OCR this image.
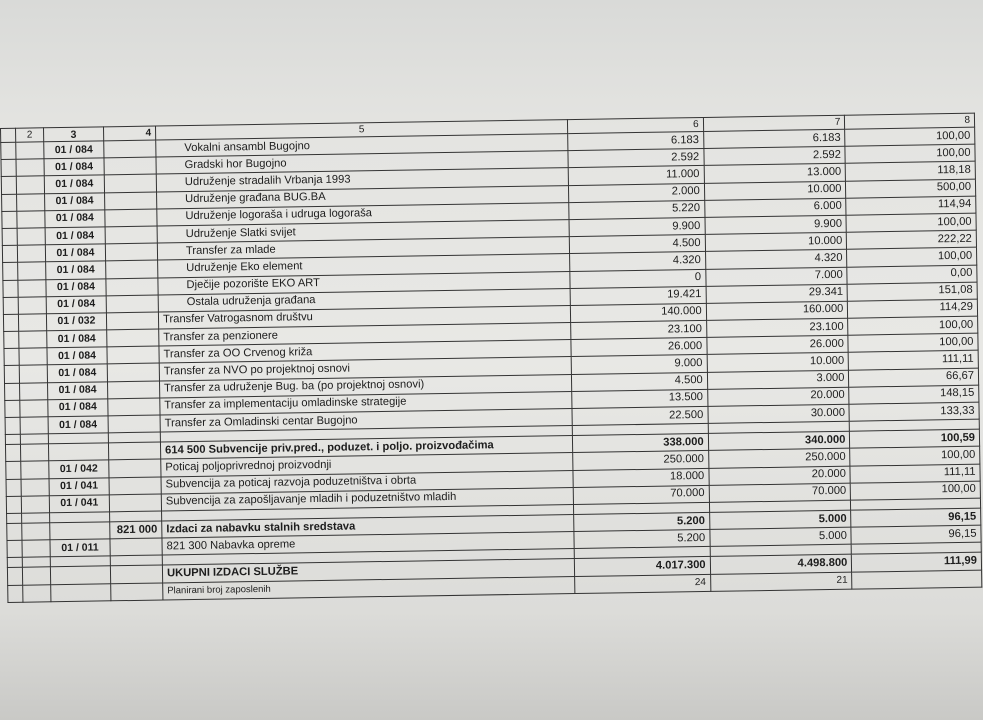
	2	3	4	5	6	7	8
		01 / 084		Vokalni ansambl Bugojno	6.183	6.183	100,00
		01 / 084		Gradski hor Bugojno	2.592	2.592	100,00
		01 / 084		Udruženje stradalih Vrbanja 1993	11.000	13.000	118,18
		01 / 084		Udruženje građana BUG.BA	2.000	10.000	500,00
		01 / 084		Udruženje logoraša i udruga logoraša	5.220	6.000	114,94
		01 / 084		Udruženje Slatki svijet	9.900	9.900	100,00
		01 / 084		Transfer za mlade	4.500	10.000	222,22
		01 / 084		Udruženje Eko element	4.320	4.320	100,00
		01 / 084		Dječije pozorište EKO ART	0	7.000	0,00
		01 / 084		Ostala udruženja građana	19.421	29.341	151,08
		01 / 032		Transfer Vatrogasnom društvu	140.000	160.000	114,29
		01 / 084		Transfer za penzionere	23.100	23.100	100,00
		01 / 084		Transfer za OO Crvenog križa	26.000	26.000	100,00
		01 / 084		Transfer za NVO po projektnoj osnovi	9.000	10.000	111,11
		01 / 084		Transfer za udruženje Bug. ba (po projektnoj osnovi)	4.500	3.000	66,67
		01 / 084		Transfer za implementaciju omladinske strategije	13.500	20.000	148,15
		01 / 084		Transfer za Omladinski centar Bugojno	22.500	30.000	133,33

				614 500 Subvencije priv.pred., poduzet. i poljo. proizvođačima	338.000	340.000	100,59
		01 / 042		Poticaj poljoprivrednoj proizvodnji	250.000	250.000	100,00
		01 / 041		Subvencija za poticaj razvoja poduzetništva i obrta	18.000	20.000	111,11
		01 / 041		Subvencija za zapošljavanje mladih i poduzetništvo mladih	70.000	70.000	100,00

			821 000	Izdaci za nabavku stalnih sredstava	5.200	5.000	96,15
		01 / 011		821 300 Nabavka opreme	5.200	5.000	96,15

				UKUPNI IZDACI SLUŽBE	4.017.300	4.498.800	111,99
				Planirani broj zaposlenih	24	21	
